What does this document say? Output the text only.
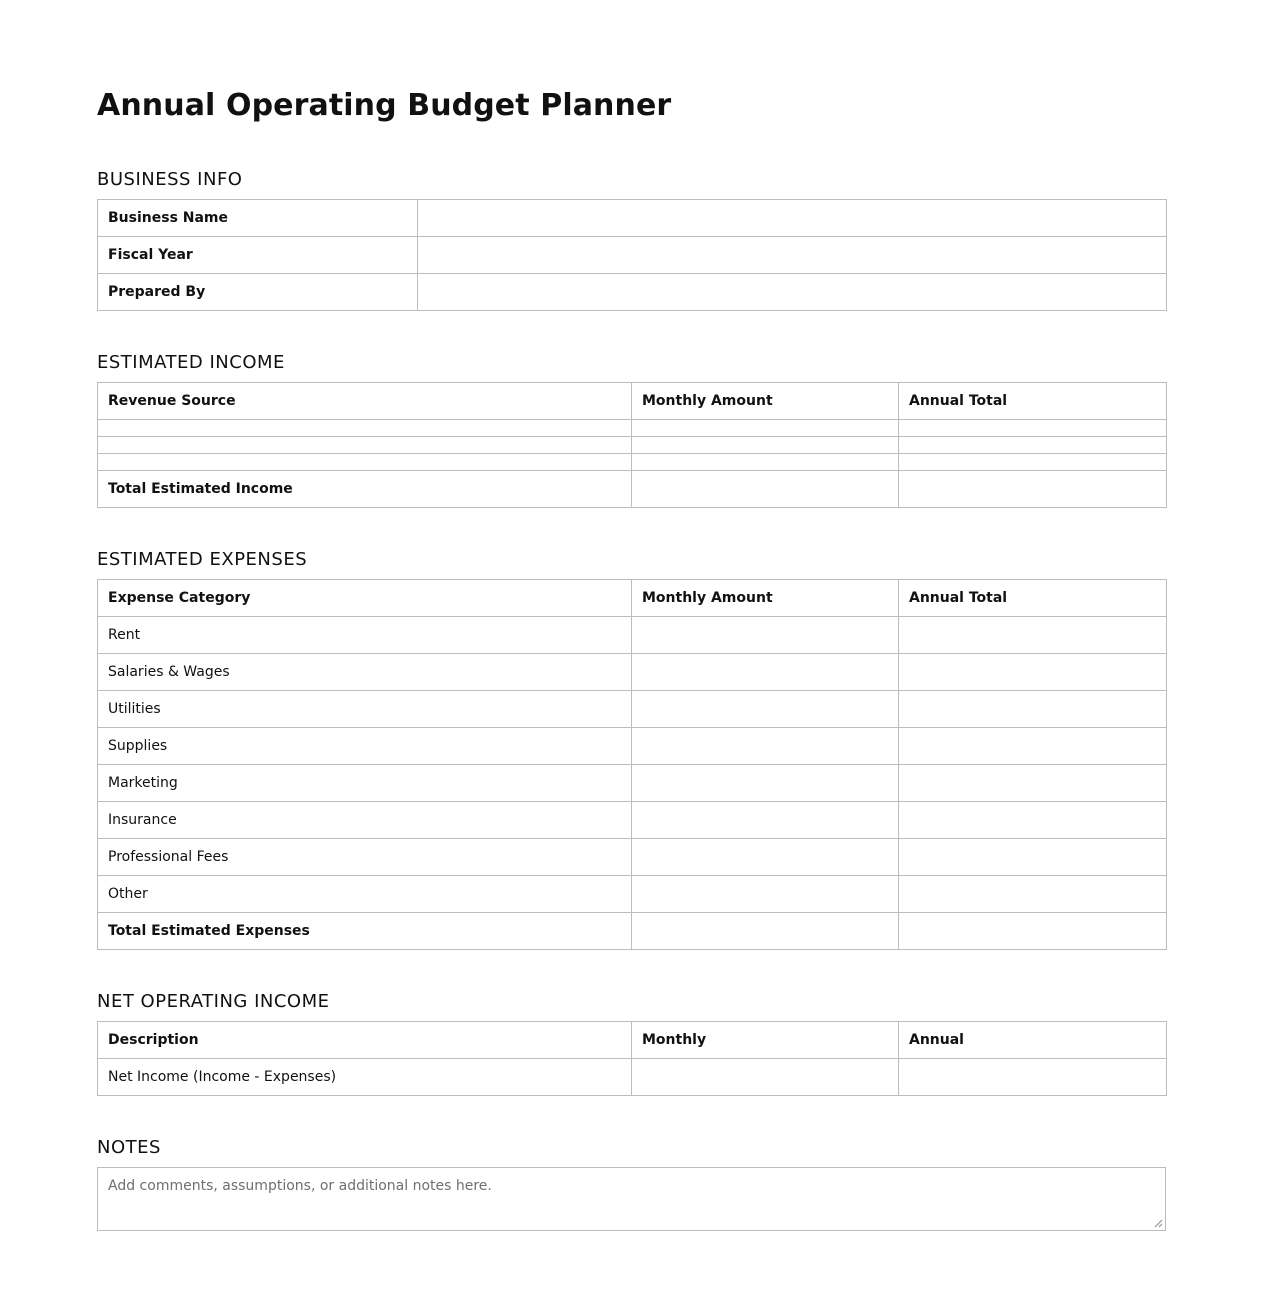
Annual Operating Budget Planner
BUSINESS INFO
Business Name	
Fiscal Year	
Prepared By	
ESTIMATED INCOME
Revenue Source	Monthly Amount	Annual Total

Total Estimated Income		
ESTIMATED EXPENSES
Expense Category	Monthly Amount	Annual Total
Rent		
Salaries & Wages		
Utilities		
Supplies		
Marketing		
Insurance		
Professional Fees		
Other		
Total Estimated Expenses		
NET OPERATING INCOME
Description	Monthly	Annual
Net Income (Income - Expenses)		
NOTES
Add comments, assumptions, or additional notes here.
